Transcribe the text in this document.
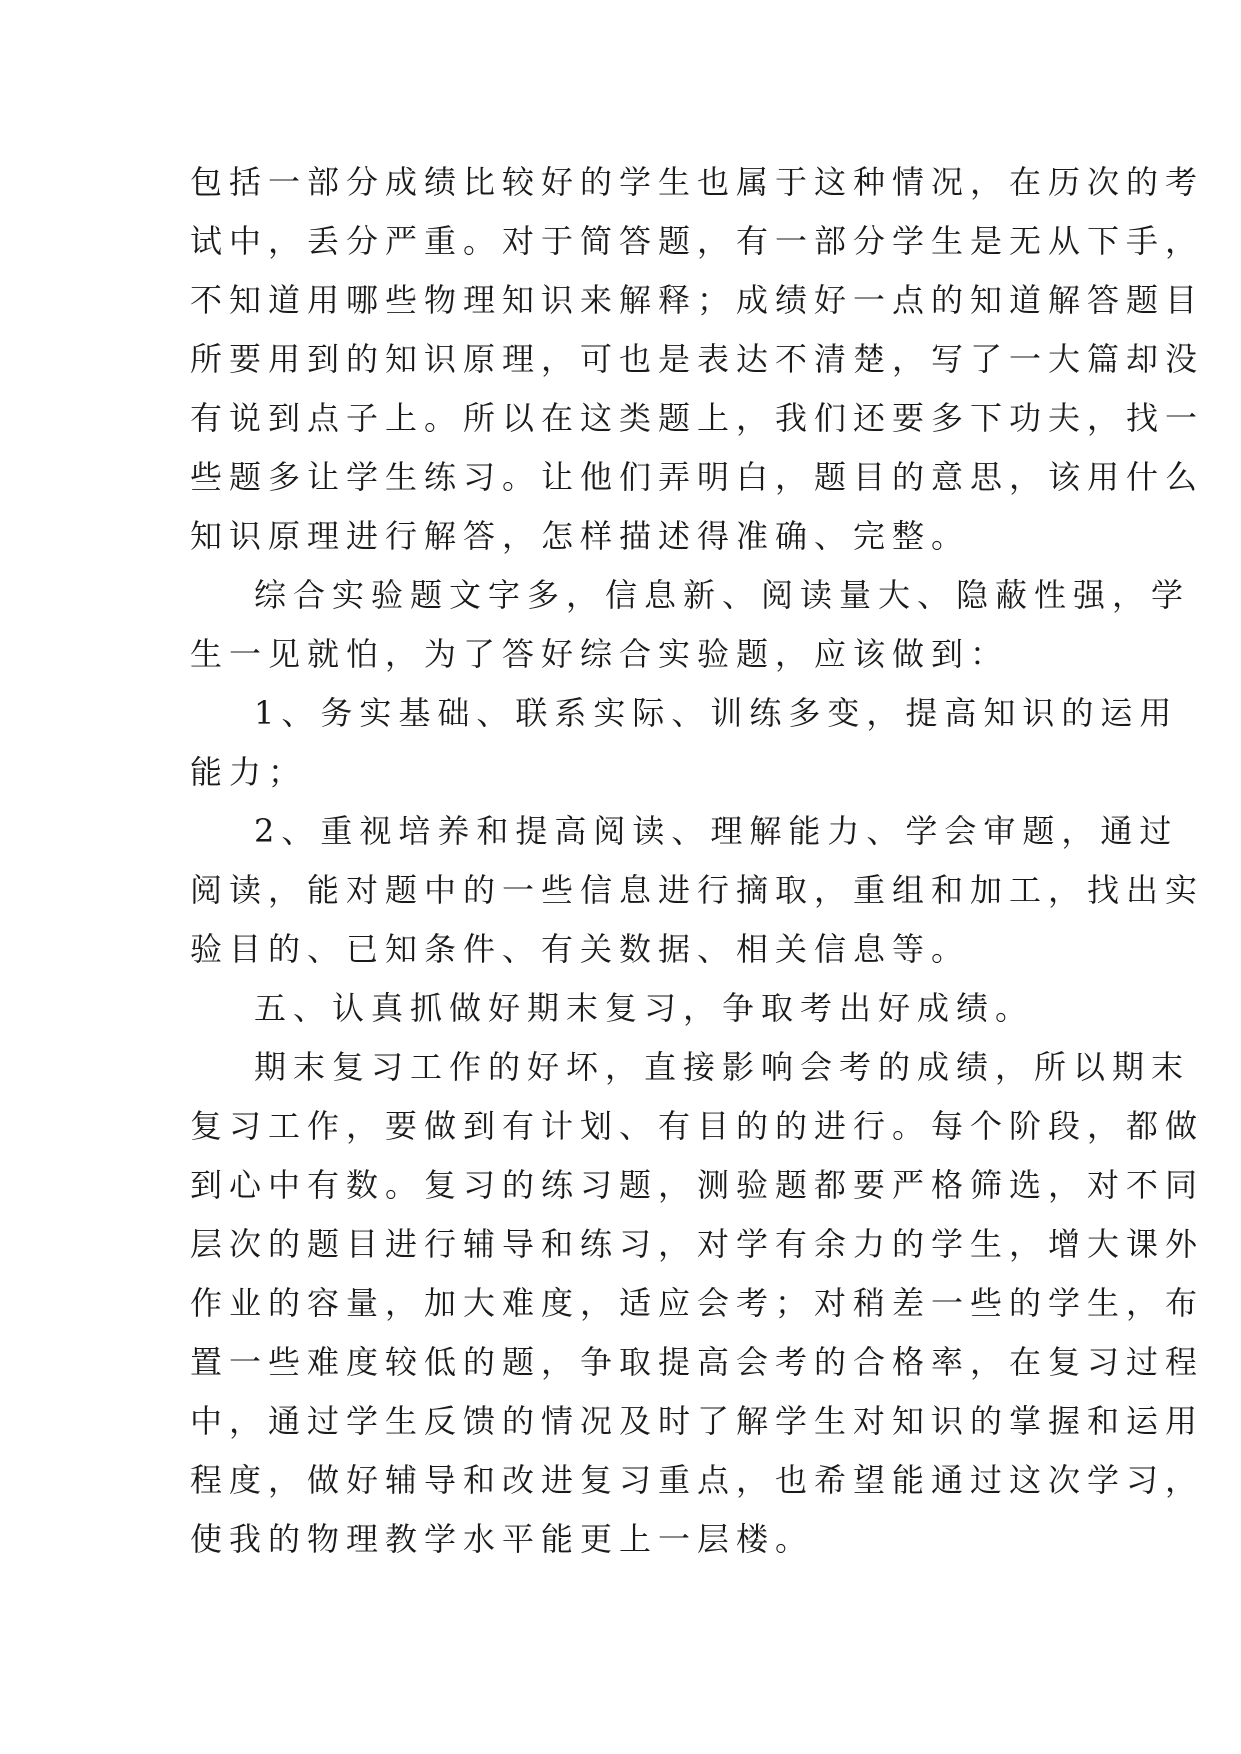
包括一部分成绩比较好的学生也属于这种情况，在历次的考
试中，丢分严重。对于简答题，有一部分学生是无从下手，
不知道用哪些物理知识来解释；成绩好一点的知道解答题目
所要用到的知识原理，可也是表达不清楚，写了一大篇却没
有说到点子上。所以在这类题上，我们还要多下功夫，找一
些题多让学生练习。让他们弄明白，题目的意思，该用什么
知识原理进行解答，怎样描述得准确、完整。
综合实验题文字多，信息新、阅读量大、隐蔽性强，学
生一见就怕，为了答好综合实验题，应该做到：
1、务实基础、联系实际、训练多变，提高知识的运用
能力；
2、重视培养和提高阅读、理解能力、学会审题，通过
阅读，能对题中的一些信息进行摘取，重组和加工，找出实
验目的、已知条件、有关数据、相关信息等。
五、认真抓做好期末复习，争取考出好成绩。
期末复习工作的好坏，直接影响会考的成绩，所以期末
复习工作，要做到有计划、有目的的进行。每个阶段，都做
到心中有数。复习的练习题，测验题都要严格筛选，对不同
层次的题目进行辅导和练习，对学有余力的学生，增大课外
作业的容量，加大难度，适应会考；对稍差一些的学生，布
置一些难度较低的题，争取提高会考的合格率，在复习过程
中，通过学生反馈的情况及时了解学生对知识的掌握和运用
程度，做好辅导和改进复习重点，也希望能通过这次学习，
使我的物理教学水平能更上一层楼。
